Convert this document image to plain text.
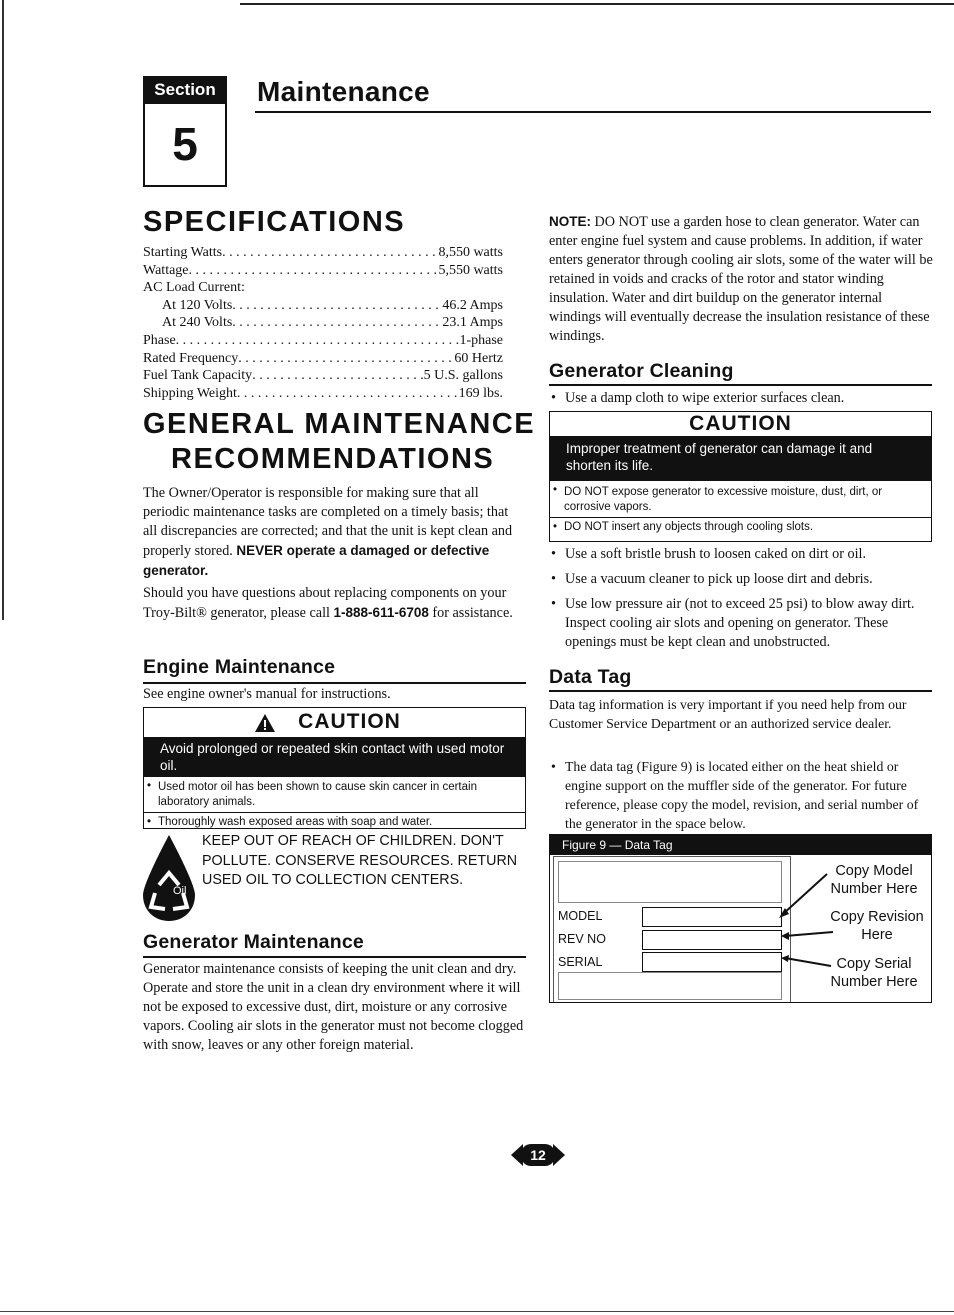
Section
5
Maintenance
SPECIFICATIONS
Starting Watts . . .	8,550 watts
Wattage . . .	5,550 watts
AC Load Current:
At 120 Volts . . .	46.2 Amps
At 240 Volts . . .	23.1 Amps
Phase . . .	1-phase
Rated Frequency . . .	60 Hertz
Fuel Tank Capacity . . .	5 U.S. gallons
Shipping Weight . . .	169 lbs.
GENERAL MAINTENANCE
RECOMMENDATIONS
The Owner/Operator is responsible for making sure that all periodic maintenance tasks are completed on a timely basis; that all discrepancies are corrected; and that the unit is kept clean and properly stored. NEVER operate a damaged or defective generator.
Should you have questions about replacing components on your Troy-Bilt® generator, please call 1-888-611-6708 for assistance.
Engine Maintenance
See engine owner's manual for instructions.
CAUTION
Avoid prolonged or repeated skin contact with used motor oil.
• Used motor oil has been shown to cause skin cancer in certain laboratory animals.
• Thoroughly wash exposed areas with soap and water.
Oil
KEEP OUT OF REACH OF CHILDREN. DON'T POLLUTE. CONSERVE RESOURCES. RETURN USED OIL TO COLLECTION CENTERS.
Generator Maintenance
Generator maintenance consists of keeping the unit clean and dry. Operate and store the unit in a clean dry environment where it will not be exposed to excessive dust, dirt, moisture or any corrosive vapors. Cooling air slots in the generator must not become clogged with snow, leaves or any other foreign material.
NOTE: DO NOT use a garden hose to clean generator. Water can enter engine fuel system and cause problems. In addition, if water enters generator through cooling air slots, some of the water will be retained in voids and cracks of the rotor and stator winding insulation. Water and dirt buildup on the generator internal windings will eventually decrease the insulation resistance of these windings.
Generator Cleaning
• Use a damp cloth to wipe exterior surfaces clean.
CAUTION
Improper treatment of generator can damage it and shorten its life.
• DO NOT expose generator to excessive moisture, dust, dirt, or corrosive vapors.
• DO NOT insert any objects through cooling slots.
• Use a soft bristle brush to loosen caked on dirt or oil.
• Use a vacuum cleaner to pick up loose dirt and debris.
• Use low pressure air (not to exceed 25 psi) to blow away dirt. Inspect cooling air slots and opening on generator. These openings must be kept clean and unobstructed.
Data Tag
Data tag information is very important if you need help from our Customer Service Department or an authorized service dealer.
• The data tag (Figure 9) is located either on the heat shield or engine support on the muffler side of the generator. For future reference, please copy the model, revision, and serial number of the generator in the space below.
Figure 9 — Data Tag
MODEL
REV NO
SERIAL
Copy Model Number Here
Copy Revision Here
Copy Serial Number Here
12
